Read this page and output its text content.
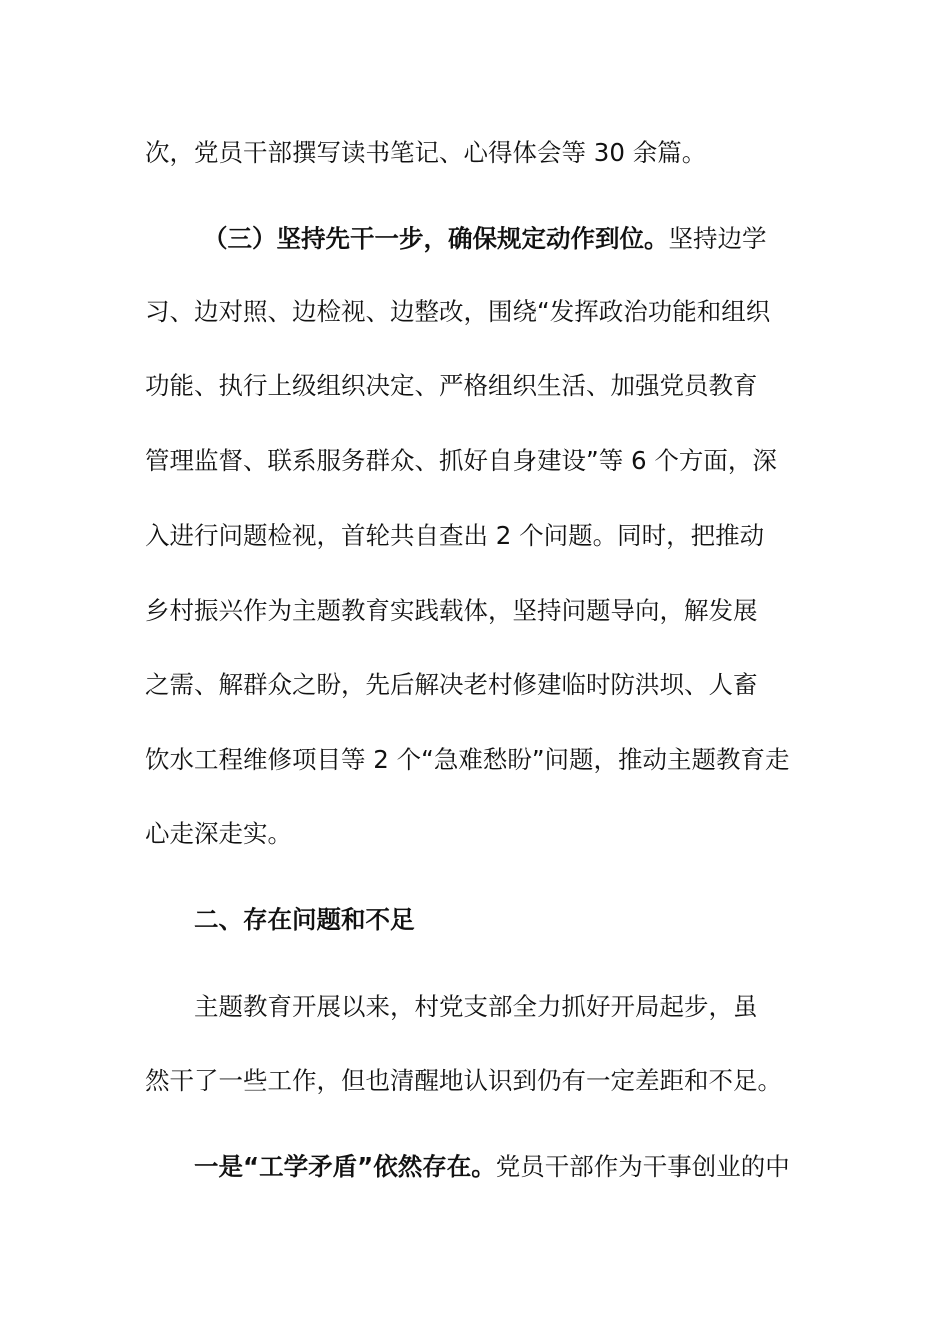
次，党员干部撰写读书笔记、心得体会等 30 余篇。
（三）坚持先干一步，确保规定动作到位。坚持边学
习、边对照、边检视、边整改，围绕“发挥政治功能和组织
功能、执行上级组织决定、严格组织生活、加强党员教育
管理监督、联系服务群众、抓好自身建设”等 6 个方面，深
入进行问题检视，首轮共自查出 2 个问题。同时，把推动
乡村振兴作为主题教育实践载体，坚持问题导向，解发展
之需、解群众之盼，先后解决老村修建临时防洪坝、人畜
饮水工程维修项目等 2 个“急难愁盼”问题，推动主题教育走
心走深走实。
二、存在问题和不足
主题教育开展以来，村党支部全力抓好开局起步，虽
然干了一些工作，但也清醒地认识到仍有一定差距和不足。
一是“工学矛盾”依然存在。党员干部作为干事创业的中
